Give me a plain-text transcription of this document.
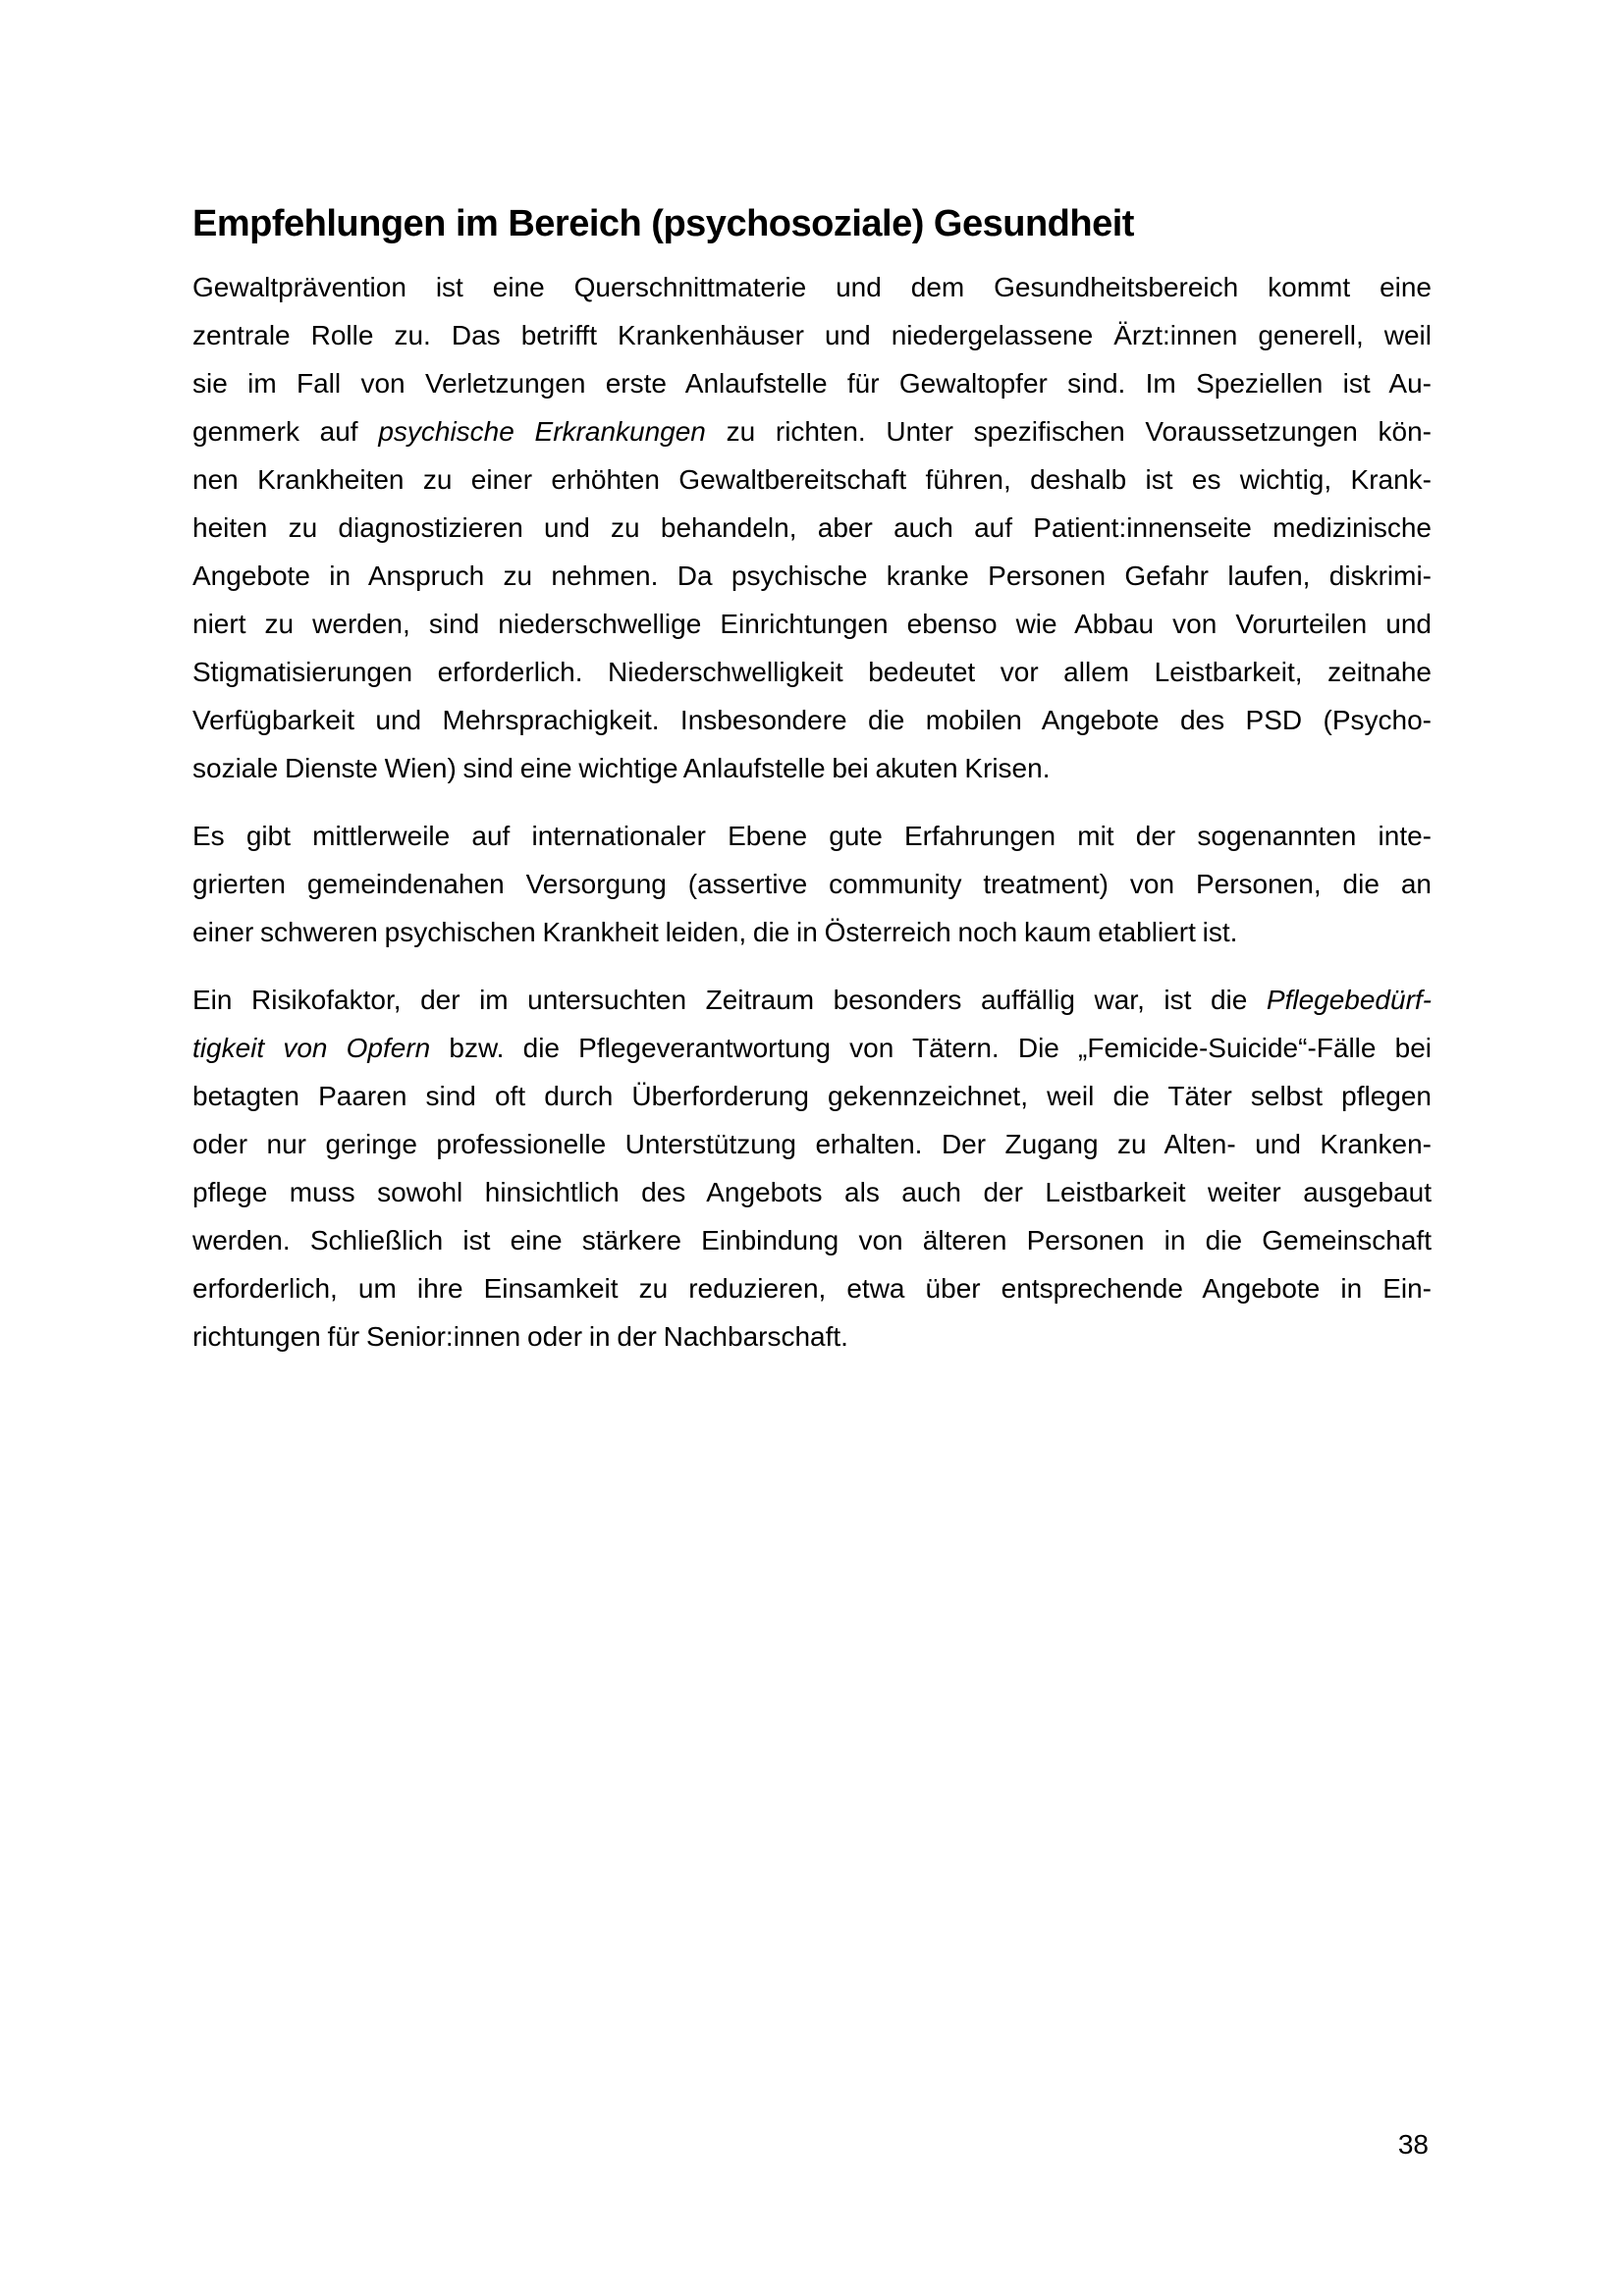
Empfehlungen im Bereich (psychosoziale) Gesundheit
Gewaltprävention ist eine Querschnittmaterie und dem Gesundheitsbereich kommt eine
zentrale Rolle zu. Das betrifft Krankenhäuser und niedergelassene Ärzt:innen generell, weil
sie im Fall von Verletzungen erste Anlaufstelle für Gewaltopfer sind. Im Speziellen ist Au-
genmerk auf psychische Erkrankungen zu richten. Unter spezifischen Voraussetzungen kön-
nen Krankheiten zu einer erhöhten Gewaltbereitschaft führen, deshalb ist es wichtig, Krank-
heiten zu diagnostizieren und zu behandeln, aber auch auf Patient:innenseite medizinische
Angebote in Anspruch zu nehmen. Da psychische kranke Personen Gefahr laufen, diskrimi-
niert zu werden, sind niederschwellige Einrichtungen ebenso wie Abbau von Vorurteilen und
Stigmatisierungen erforderlich. Niederschwelligkeit bedeutet vor allem Leistbarkeit, zeitnahe
Verfügbarkeit und Mehrsprachigkeit. Insbesondere die mobilen Angebote des PSD (Psycho-
soziale Dienste Wien) sind eine wichtige Anlaufstelle bei akuten Krisen.
Es gibt mittlerweile auf internationaler Ebene gute Erfahrungen mit der sogenannten inte-
grierten gemeindenahen Versorgung (assertive community treatment) von Personen, die an
einer schweren psychischen Krankheit leiden, die in Österreich noch kaum etabliert ist.
Ein Risikofaktor, der im untersuchten Zeitraum besonders auffällig war, ist die Pflegebedürf-
tigkeit von Opfern bzw. die Pflegeverantwortung von Tätern. Die „Femicide-Suicide“-Fälle bei
betagten Paaren sind oft durch Überforderung gekennzeichnet, weil die Täter selbst pflegen
oder nur geringe professionelle Unterstützung erhalten. Der Zugang zu Alten- und Kranken-
pflege muss sowohl hinsichtlich des Angebots als auch der Leistbarkeit weiter ausgebaut
werden. Schließlich ist eine stärkere Einbindung von älteren Personen in die Gemeinschaft
erforderlich, um ihre Einsamkeit zu reduzieren, etwa über entsprechende Angebote in Ein-
richtungen für Senior:innen oder in der Nachbarschaft.
38
